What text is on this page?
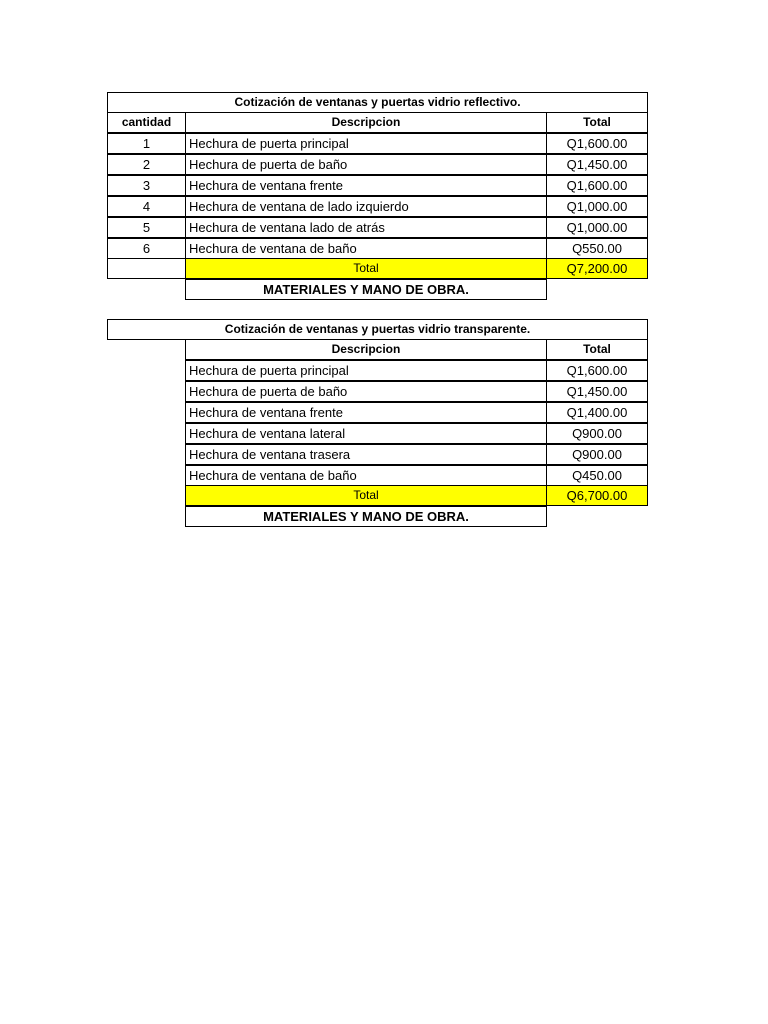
Cotización de ventanas y puertas vidrio reflectivo.
cantidad	Descripcion	Total
1	Hechura de puerta principal	Q1,600.00
2	Hechura de puerta de baño	Q1,450.00
3	Hechura de ventana frente	Q1,600.00
4	Hechura de ventana de lado izquierdo	Q1,000.00
5	Hechura de ventana lado de atrás	Q1,000.00
6	Hechura de ventana de baño	Q550.00
Total	Q7,200.00
MATERIALES Y MANO DE OBRA.
Cotización de ventanas y puertas vidrio transparente.
Descripcion	Total
Hechura de puerta principal	Q1,600.00
Hechura de puerta de baño	Q1,450.00
Hechura de ventana frente	Q1,400.00
Hechura de ventana lateral	Q900.00
Hechura de ventana trasera	Q900.00
Hechura de ventana de baño	Q450.00
Total	Q6,700.00
MATERIALES Y MANO DE OBRA.
